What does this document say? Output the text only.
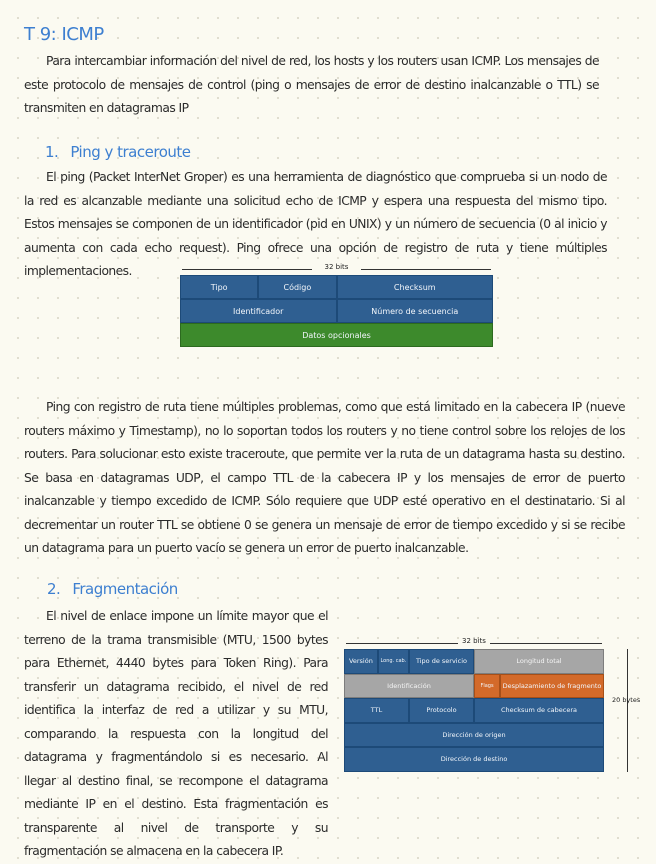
T 9: ICMP

Para intercambiar información del nivel de red, los hosts y los routers usan ICMP. Los mensajes de este protocolo de mensajes de control (ping o mensajes de error de destino inalcanzable o TTL) se transmiten en datagramas IP

1. Ping y traceroute

El ping (Packet InterNet Groper) es una herramienta de diagnóstico que comprueba si un nodo de la red es alcanzable mediante una solicitud echo de ICMP y espera una respuesta del mismo tipo. Estos mensajes se componen de un identificador (pid en UNIX) y un número de secuencia (0 al inicio y aumenta con cada echo request). Ping ofrece una opción de registro de ruta y tiene múltiples implementaciones.	32 bits
Tipo	Código	Checksum
Identificador	Número de secuencia
Datos opcionales

Ping con registro de ruta tiene múltiples problemas, como que está limitado en la cabecera IP (nueve routers máximo y Timestamp), no lo soportan todos los routers y no tiene control sobre los relojes de los routers. Para solucionar esto existe traceroute, que permite ver la ruta de un datagrama hasta su destino. Se basa en datagramas UDP, el campo TTL de la cabecera IP y los mensajes de error de puerto inalcanzable y tiempo excedido de ICMP. Sólo requiere que UDP esté operativo en el destinatario. Si al decrementar un router TTL se obtiene 0 se genera un mensaje de error de tiempo excedido y si se recibe un datagrama para un puerto vacío se genera un error de puerto inalcanzable.

2. Fragmentación

El nivel de enlace impone un límite mayor que el terreno de la trama transmisible (MTU, 1500 bytes para Ethernet, 4440 bytes para Token Ring). Para transferir un datagrama recibido, el nivel de red identifica la interfaz de red a utilizar y su MTU, comparando la respuesta con la longitud del datagrama y fragmentándolo si es necesario. Al llegar al destino final, se recompone el datagrama mediante IP en el destino. Esta fragmentación es transparente al nivel de transporte y su fragmentación se almacena en la cabecera IP.

32 bits
Versión	Long. cab.	Tipo de servicio	Longitud total
Identificación	Flags	Desplazamiento de fragmento
TTL	Protocolo	Checksum de cabecera
Dirección de origen
Dirección de destino
20 bytes
